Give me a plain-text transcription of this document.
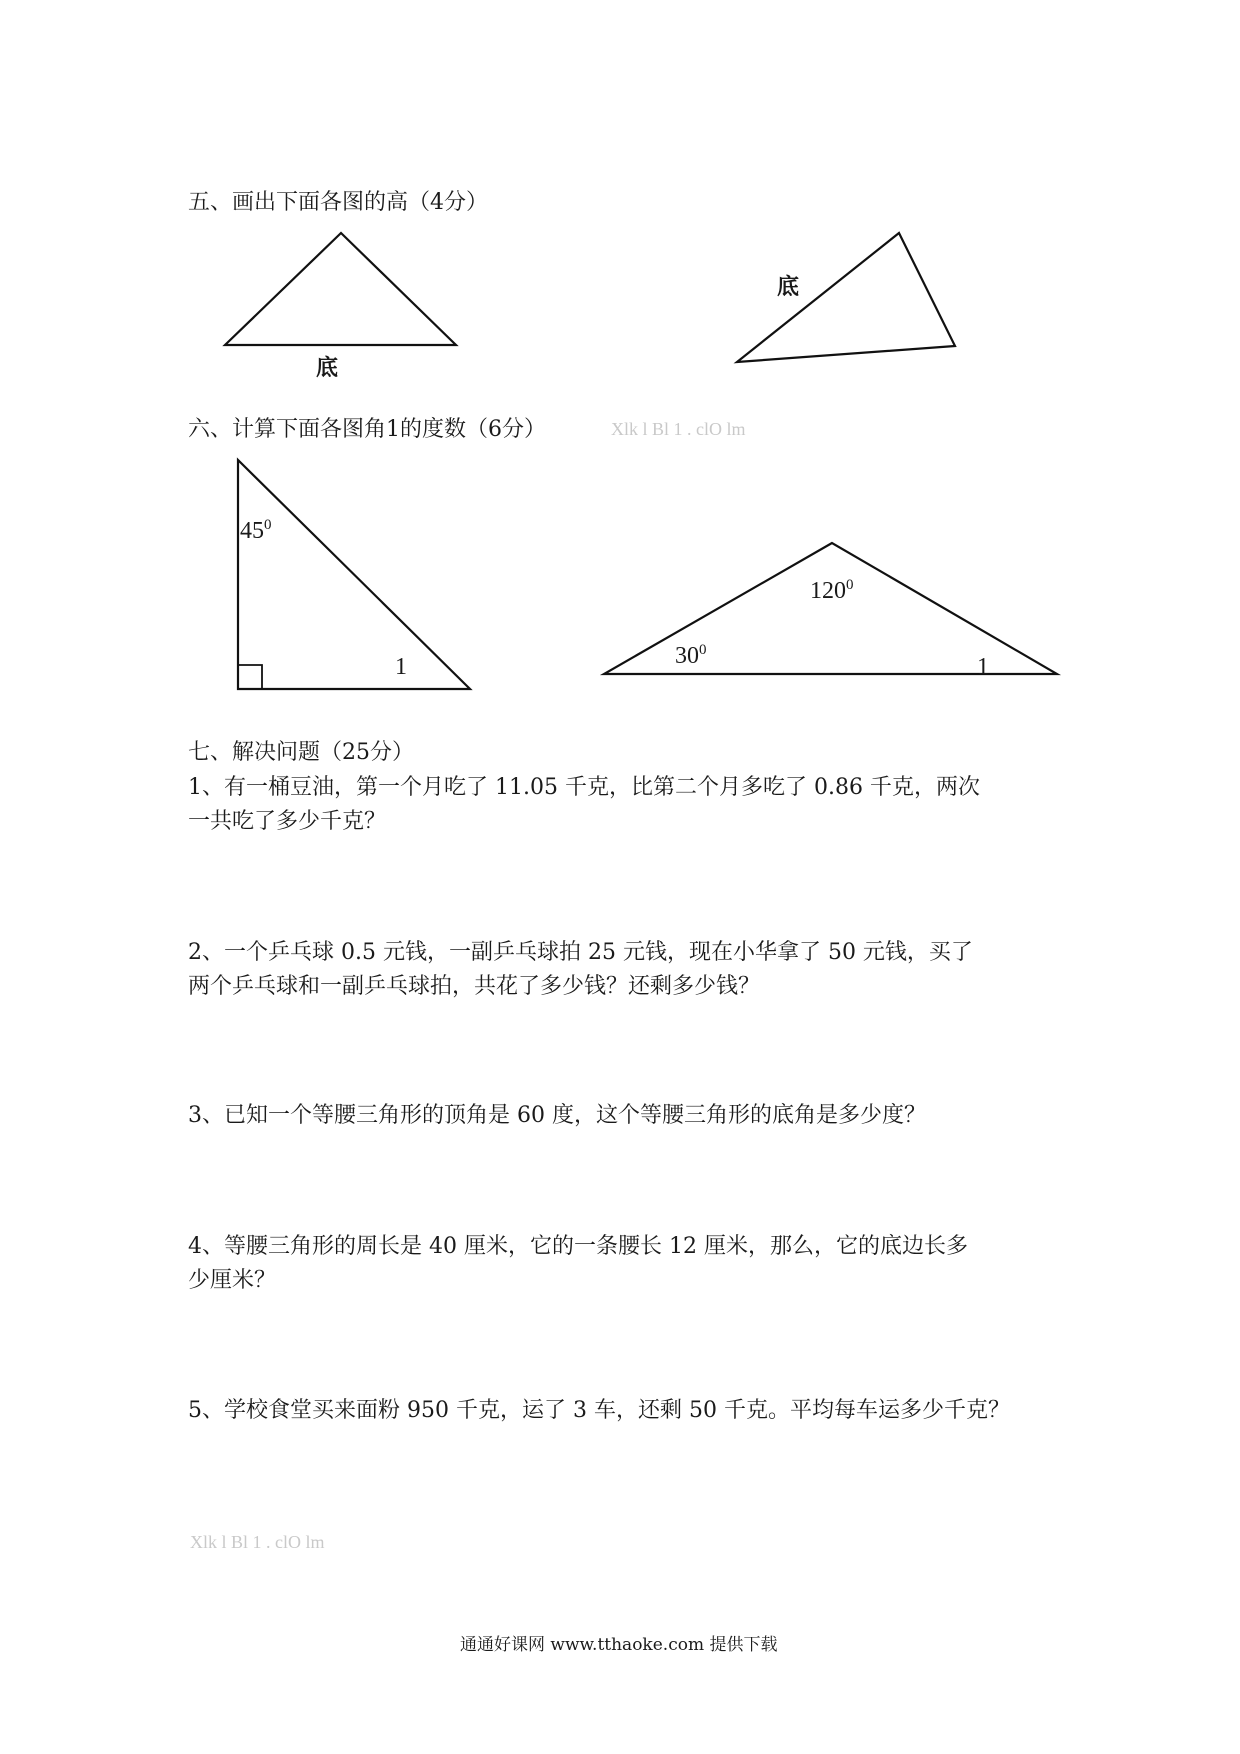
五、画出下面各图的高（4分）
底
底
六、计算下面各图角1的度数（6分）	Xlk l Bl 1 . clO lm
$45^0$
1
$120^0$
$30^0$
1
七、解决问题（25分）
1、有一桶豆油，第一个月吃了 11.05 千克，比第二个月多吃了 0.86 千克，两次
一共吃了多少千克？
2、一个乒乓球 0.5 元钱，一副乒乓球拍 25 元钱，现在小华拿了 50 元钱，买了
两个乒乓球和一副乒乓球拍，共花了多少钱？还剩多少钱？
3、已知一个等腰三角形的顶角是 60 度，这个等腰三角形的底角是多少度？
4、等腰三角形的周长是 40 厘米，它的一条腰长 12 厘米，那么，它的底边长多
少厘米？
5、学校食堂买来面粉 950 千克，运了 3 车，还剩 50 千克。平均每车运多少千克？
Xlk l Bl 1 . clO lm
通通好课网 www.tthaoke.com 提供下载
